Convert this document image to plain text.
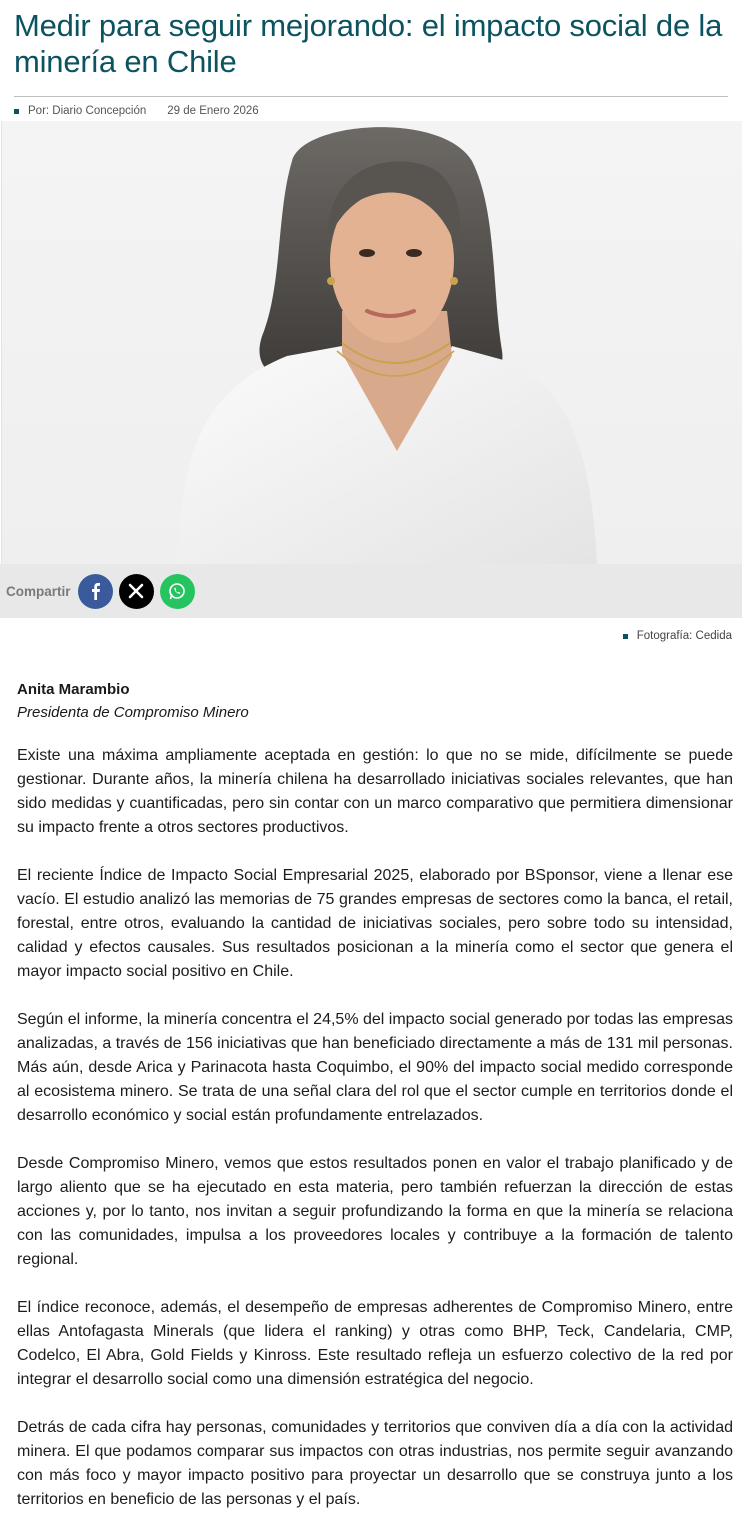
Medir para seguir mejorando: el impacto social de la minería en Chile
Por: Diario Concepción 29 de Enero 2026
Compartir
Fotografía: Cedida
Anita Marambio
Presidenta de Compromiso Minero

Existe una máxima ampliamente aceptada en gestión: lo que no se mide, difícilmente se puede gestionar. Durante años, la minería chilena ha desarrollado iniciativas sociales relevantes, que han sido medidas y cuantificadas, pero sin contar con un marco comparativo que permitiera dimensionar su impacto frente a otros sectores productivos.

El reciente Índice de Impacto Social Empresarial 2025, elaborado por BSponsor, viene a llenar ese vacío. El estudio analizó las memorias de 75 grandes empresas de sectores como la banca, el retail, forestal, entre otros, evaluando la cantidad de iniciativas sociales, pero sobre todo su intensidad, calidad y efectos causales. Sus resultados posicionan a la minería como el sector que genera el mayor impacto social positivo en Chile.

Según el informe, la minería concentra el 24,5% del impacto social generado por todas las empresas analizadas, a través de 156 iniciativas que han beneficiado directamente a más de 131 mil personas. Más aún, desde Arica y Parinacota hasta Coquimbo, el 90% del impacto social medido corresponde al ecosistema minero. Se trata de una señal clara del rol que el sector cumple en territorios donde el desarrollo económico y social están profundamente entrelazados.

Desde Compromiso Minero, vemos que estos resultados ponen en valor el trabajo planificado y de largo aliento que se ha ejecutado en esta materia, pero también refuerzan la dirección de estas acciones y, por lo tanto, nos invitan a seguir profundizando la forma en que la minería se relaciona con las comunidades, impulsa a los proveedores locales y contribuye a la formación de talento regional.

El índice reconoce, además, el desempeño de empresas adherentes de Compromiso Minero, entre ellas Antofagasta Minerals (que lidera el ranking) y otras como BHP, Teck, Candelaria, CMP, Codelco, El Abra, Gold Fields y Kinross. Este resultado refleja un esfuerzo colectivo de la red por integrar el desarrollo social como una dimensión estratégica del negocio.

Detrás de cada cifra hay personas, comunidades y territorios que conviven día a día con la actividad minera. El que podamos comparar sus impactos con otras industrias, nos permite seguir avanzando con más foco y mayor impacto positivo para proyectar un desarrollo que se construya junto a los territorios en beneficio de las personas y el país.
